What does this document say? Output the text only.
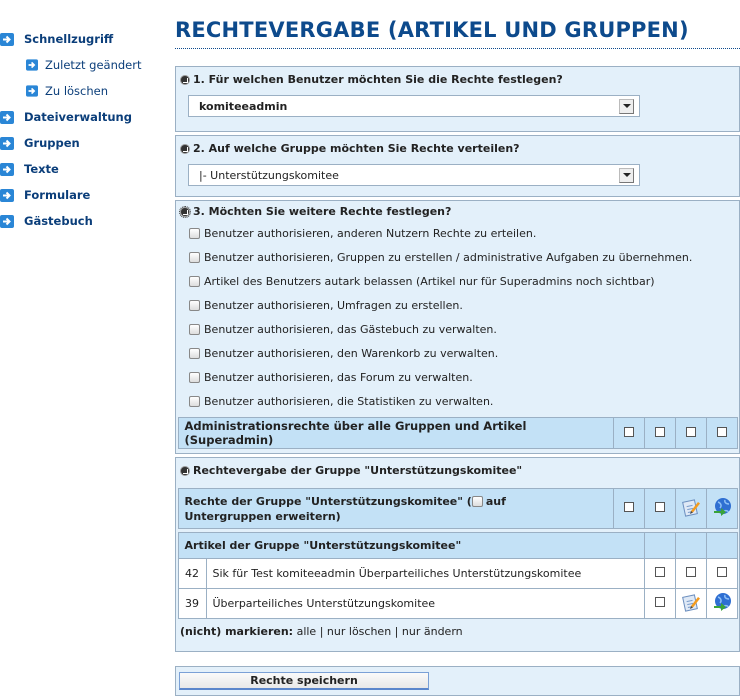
Schnellzugriff
Zuletzt geändert
Zu löschen
Dateiverwaltung
Gruppen
Texte
Formulare
Gästebuch
RECHTEVERGABE (ARTIKEL UND GRUPPEN)
1. Für welchen Benutzer möchten Sie die Rechte festlegen?
komiteeadmin
2. Auf welche Gruppe möchten Sie Rechte verteilen?
|- Unterstützungskomitee
3. Möchten Sie weitere Rechte festlegen?
Benutzer authorisieren, anderen Nutzern Rechte zu erteilen.
Benutzer authorisieren, Gruppen zu erstellen / administrative Aufgaben zu übernehmen.
Artikel des Benutzers autark belassen (Artikel nur für Superadmins noch sichtbar)
Benutzer authorisieren, Umfragen zu erstellen.
Benutzer authorisieren, das Gästebuch zu verwalten.
Benutzer authorisieren, den Warenkorb zu verwalten.
Benutzer authorisieren, das Forum zu verwalten.
Benutzer authorisieren, die Statistiken zu verwalten.
Administrationsrechte über alle Gruppen und Artikel (Superadmin)				
Rechtevergabe der Gruppe "Unterstützungskomitee"
Rechte der Gruppe "Unterstützungskomitee" ( auf
Untergruppen erweitern)				
Artikel der Gruppe "Unterstützungskomitee"				
42	Sik für Test komiteeadmin Überparteiliches Unterstützungskomitee			
39	Überparteiliches Unterstützungskomitee			
(nicht) markieren: alle | nur löschen | nur ändern
Rechte speichern
